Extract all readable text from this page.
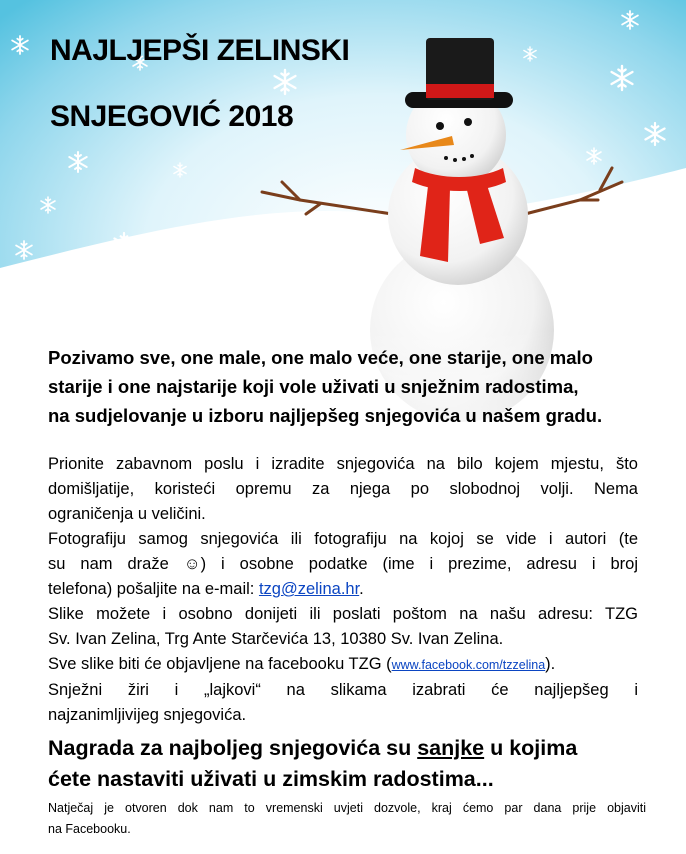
NAJLJEPŠI ZELINSKI
SNJEGOVIĆ 2018

Pozivamo sve, one male, one malo veće, one starije, one malo
starije i one najstarije koji vole uživati u snježnim radostima,
na sudjelovanje u izboru najljepšeg snjegovića u našem gradu.

Prionite zabavnom poslu i izradite snjegovića na bilo kojem mjestu, što

domišljatije, koristeći opremu za njega po slobodnoj volji. Nema

ograničenja u veličini.

Fotografiju samog snjegovića ili fotografiju na kojoj se vide i autori (te

su nam draže ☺) i osobne podatke (ime i prezime, adresu i broj

telefona) pošaljite na e-mail: tzg@zelina.hr.

Slike možete i osobno donijeti ili poslati poštom na našu adresu: TZG

Sv. Ivan Zelina, Trg Ante Starčevića 13, 10380 Sv. Ivan Zelina.

Sve slike biti će objavljene na facebooku TZG (www.facebook.com/tzzelina).

Snježni žiri i „lajkovi“ na slikama izabrati će najljepšeg i

najzanimljivijeg snjegovića.

Nagrada za najboljeg snjegovića su sanjke u kojima
ćete nastaviti uživati u zimskim radostima...

Natječaj je otvoren dok nam to vremenski uvjeti dozvole, kraj ćemo par dana prije objaviti
na Facebooku.
